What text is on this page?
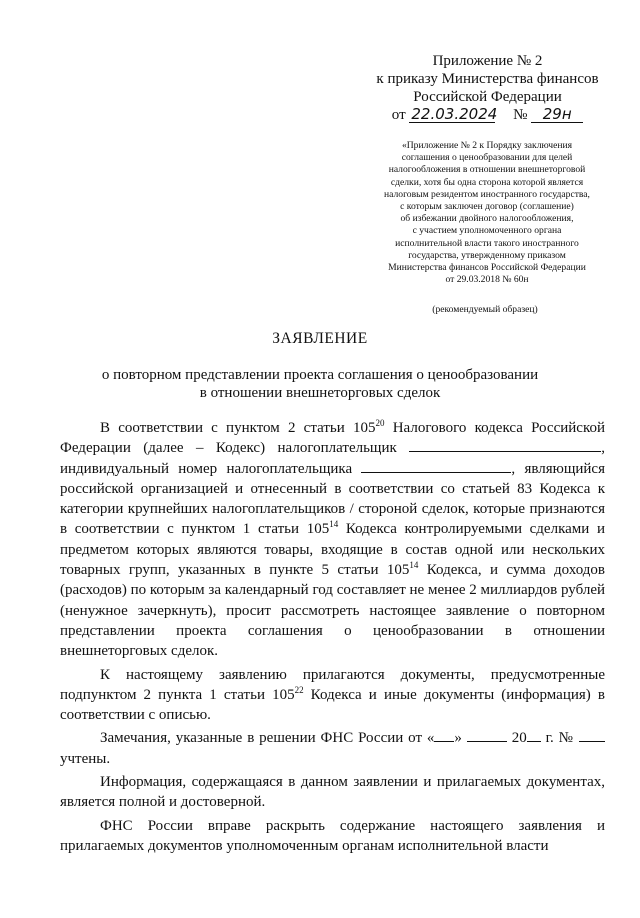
Приложение № 2
к приказу Министерства финансов
Российской Федерации
от 22.03.2024 № 29н
«Приложение № 2 к Порядку заключения
соглашения о ценообразовании для целей
налогообложения в отношении внешнеторговой
сделки, хотя бы одна сторона которой является
налоговым резидентом иностранного государства,
с которым заключен договор (соглашение)
об избежании двойного налогообложения,
с участием уполномоченного органа
исполнительной власти такого иностранного
государства, утвержденному приказом
Министерства финансов Российской Федерации
от 29.03.2018 № 60н
(рекомендуемый образец)
ЗАЯВЛЕНИЕ
о повторном представлении проекта соглашения о ценообразовании
в отношении внешнеторговых сделок

В соответствии с пунктом 2 статьи $105^{20}$ Налогового кодекса Российской Федерации (далее – Кодекс) налогоплательщик	, индивидуальный номер налогоплательщика	, являющийся российской организацией и отнесенный в соответствии со статьей 83 Кодекса к категории крупнейших налогоплательщиков / стороной сделок, которые признаются в соответствии с пунктом 1 статьи $105^{14}$ Кодекса контролируемыми сделками и предметом которых являются товары, входящие в состав одной или нескольких товарных групп, указанных в пункте 5 статьи $105^{14}$ Кодекса, и сумма доходов (расходов) по которым за календарный год составляет не менее 2 миллиардов рублей (ненужное зачеркнуть), просит рассмотреть настоящее заявление о повторном представлении проекта соглашения о ценообразовании в отношении внешнеторговых сделок.

К настоящему заявлению прилагаются документы, предусмотренные подпунктом 2 пункта 1 статьи $105^{22}$ Кодекса и иные документы (информация) в соответствии с описью.

Замечания, указанные в решении ФНС России от « »	20 г. №  учтены.

Информация, содержащаяся в данном заявлении и прилагаемых документах, является полной и достоверной.

ФНС России вправе раскрыть содержание настоящего заявления и прилагаемых документов уполномоченным органам исполнительной власти
